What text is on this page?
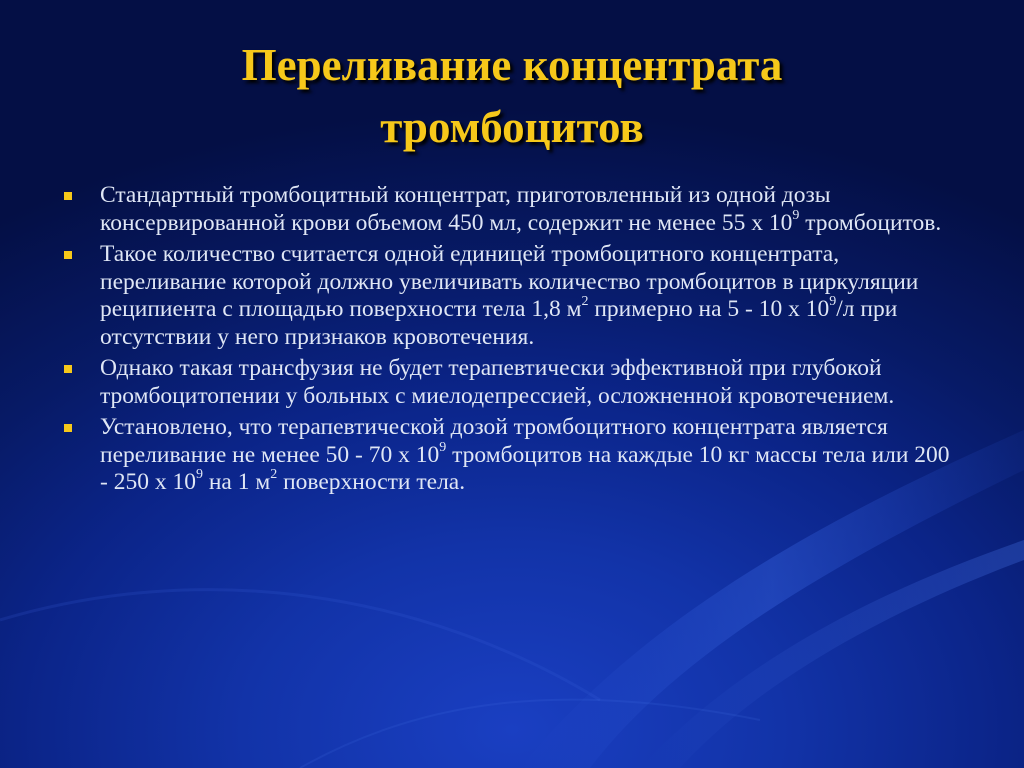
Переливание концентрата
тромбоцитов
Стандартный тромбоцитный концентрат, приготовленный из одной дозы консервированной крови объемом 450 мл, содержит не менее 55 х $10^9$ тромбоцитов.
Такое количество считается одной единицей тромбоцитного концентрата, переливание которой должно увеличивать количество тромбоцитов в циркуляции реципиента с площадью поверхности тела 1,8 $м^2$ примерно на 5 - 10 х $10^9/л$ при отсутствии у него признаков кровотечения.
Однако такая трансфузия не будет терапевтически эффективной при глубокой тромбоцитопении у больных с миелодепрессией, осложненной кровотечением.
Установлено, что терапевтической дозой тромбоцитного концентрата является переливание не менее 50 - 70 х $10^9$ тромбоцитов на каждые 10 кг массы тела или 200 - 250 х $10^9$ на 1 $м^2$ поверхности тела.
